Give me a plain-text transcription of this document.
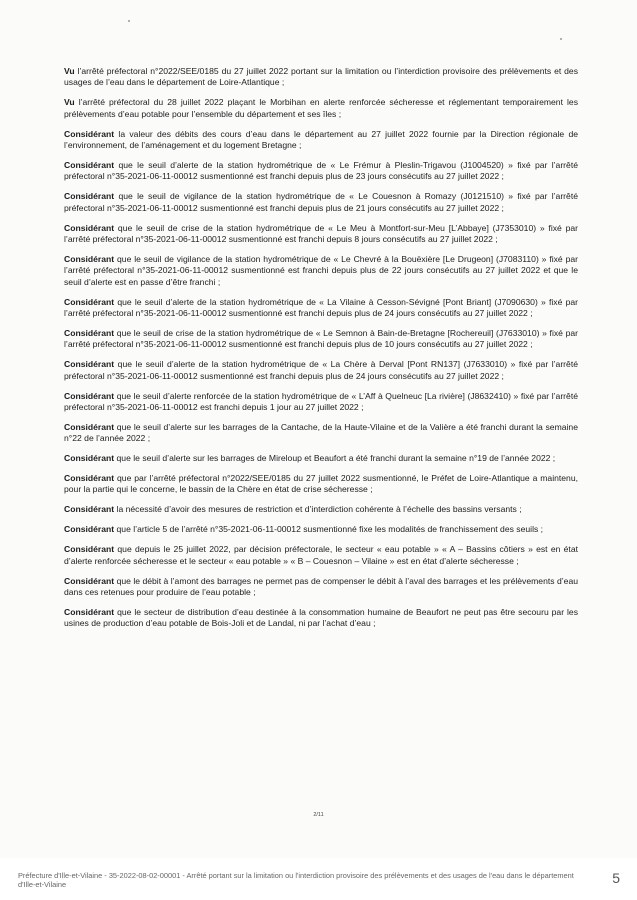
Vu l’arrêté préfectoral n°2022/SEE/0185 du 27 juillet 2022 portant sur la limitation ou l’interdiction provisoire des prélèvements et des usages de l’eau dans le département de Loire-Atlantique ;

Vu l’arrêté préfectoral du 28 juillet 2022 plaçant le Morbihan en alerte renforcée sécheresse et réglementant temporairement les prélèvements d’eau potable pour l’ensemble du département et ses îles ;

Considérant la valeur des débits des cours d’eau dans le département au 27 juillet 2022 fournie par la Direction régionale de l’environnement, de l’aménagement et du logement Bretagne ;

Considérant que le seuil d’alerte de la station hydrométrique de « Le Frémur à Pleslin-Trigavou (J1004520) » fixé par l’arrêté préfectoral n°35-2021-06-11-00012 susmentionné est franchi depuis plus de 23 jours consécutifs au 27 juillet 2022 ;

Considérant que le seuil de vigilance de la station hydrométrique de « Le Couesnon à Romazy (J0121510) » fixé par l’arrêté préfectoral n°35-2021-06-11-00012 susmentionné est franchi depuis plus de 21 jours consécutifs au 27 juillet 2022 ;

Considérant que le seuil de crise de la station hydrométrique de « Le Meu à Montfort-sur-Meu [L’Abbaye] (J7353010) » fixé par l’arrêté préfectoral n°35-2021-06-11-00012 susmentionné est franchi depuis 8 jours consécutifs au 27 juillet 2022 ;

Considérant que le seuil de vigilance de la station hydrométrique de « Le Chevré à la Bouëxière [Le Drugeon] (J7083110) » fixé par l’arrêté préfectoral n°35-2021-06-11-00012 susmentionné est franchi depuis plus de 22 jours consécutifs au 27 juillet 2022 et que le seuil d’alerte est en passe d’être franchi ;

Considérant que le seuil d’alerte de la station hydrométrique de « La Vilaine à Cesson-Sévigné [Pont Briant] (J7090630) » fixé par l’arrêté préfectoral n°35-2021-06-11-00012 susmentionné est franchi depuis plus de 24 jours consécutifs au 27 juillet 2022 ;

Considérant que le seuil de crise de la station hydrométrique de « Le Semnon à Bain-de-Bretagne [Rochereuil] (J7633010) » fixé par l’arrêté préfectoral n°35-2021-06-11-00012 susmentionné est franchi depuis plus de 10 jours consécutifs au 27 juillet 2022 ;

Considérant que le seuil d’alerte de la station hydrométrique de « La Chère à Derval [Pont RN137] (J7633010) » fixé par l’arrêté préfectoral n°35-2021-06-11-00012 susmentionné est franchi depuis plus de 24 jours consécutifs au 27 juillet 2022 ;

Considérant que le seuil d’alerte renforcée de la station hydrométrique de « L’Aff à Quelneuc [La rivière] (J8632410) » fixé par l’arrêté préfectoral n°35-2021-06-11-00012 est franchi depuis 1 jour au 27 juillet 2022 ;

Considérant que le seuil d’alerte sur les barrages de la Cantache, de la Haute-Vilaine et de la Valière a été franchi durant la semaine n°22 de l’année 2022 ;

Considérant que le seuil d’alerte sur les barrages de Mireloup et Beaufort a été franchi durant la semaine n°19 de l’année 2022 ;

Considérant que par l’arrêté préfectoral n°2022/SEE/0185 du 27 juillet 2022 susmentionné, le Préfet de Loire-Atlantique a maintenu, pour la partie qui le concerne, le bassin de la Chère en état de crise sécheresse ;

Considérant la nécessité d’avoir des mesures de restriction et d’interdiction cohérente à l’échelle des bassins versants ;

Considérant que l’article 5 de l’arrêté n°35-2021-06-11-00012 susmentionné fixe les modalités de franchissement des seuils ;

Considérant que depuis le 25 juillet 2022, par décision préfectorale, le secteur « eau potable » « A – Bassins côtiers » est en état d’alerte renforcée sécheresse et le secteur « eau potable » « B – Couesnon – Vilaine » est en état d’alerte sécheresse ;

Considérant que le débit à l’amont des barrages ne permet pas de compenser le débit à l’aval des barrages et les prélèvements d’eau dans ces retenues pour produire de l’eau potable ;

Considérant que le secteur de distribution d’eau destinée à la consommation humaine de Beaufort ne peut pas être secouru par les usines de production d’eau potable de Bois-Joli et de Landal, ni par l’achat d’eau ;

2/11
Préfecture d'Ille-et-Vilaine - 35-2022-08-02-00001 - Arrêté portant sur la limitation ou l'interdiction provisoire des prélèvements et des usages de l'eau dans le département d'Ille-et-Vilaine	5
